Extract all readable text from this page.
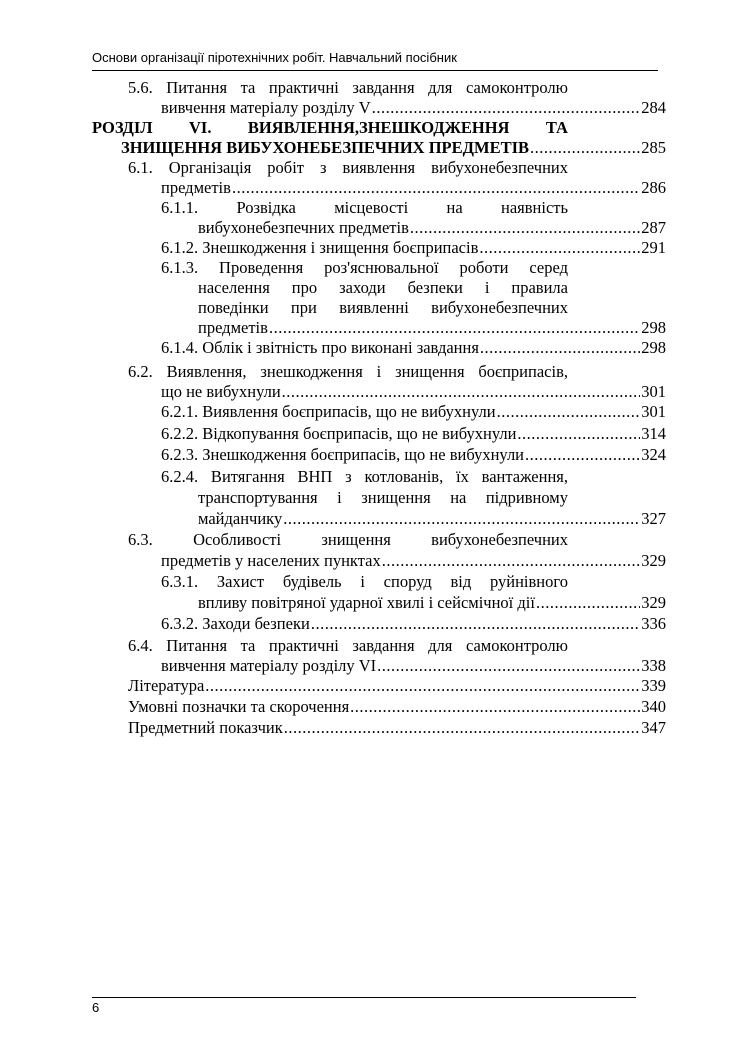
Основи організації піротехнічних робіт. Навчальний посібник
5.6. Питання та практичні завдання для самоконтролю
вивчення матеріалу розділу V .....	284
РОЗДІЛ VI. ВИЯВЛЕННЯ,ЗНЕШКОДЖЕННЯ ТА
ЗНИЩЕННЯ ВИБУХОНЕБЕЗПЕЧНИХ ПРЕДМЕТІВ .....	285
6.1. Організація робіт з виявлення вибухонебезпечних
предметів .....	286
6.1.1. Розвідка місцевості на наявність
вибухонебезпечних предметів .....	287
6.1.2. Знешкодження і знищення боєприпасів .....	291
6.1.3. Проведення роз'яснювальної роботи серед
населення про заходи безпеки і правила
поведінки при виявленні вибухонебезпечних
предметів .....	298
6.1.4. Облік і звітність про виконані завдання .....	298
6.2. Виявлення, знешкодження і знищення боєприпасів,
що не вибухнули .....	301
6.2.1. Виявлення боєприпасів, що не вибухнули .....	301
6.2.2. Відкопування боєприпасів, що не вибухнули .....	314
6.2.3. Знешкодження боєприпасів, що не вибухнули .....	324
6.2.4. Витягання ВНП з котлованів, їх вантаження,
транспортування і знищення на підривному
майданчику .....	327
6.3. Особливості знищення вибухонебезпечних
предметів у населених пунктах .....	329
6.3.1. Захист будівель і споруд від руйнівного
впливу повітряної ударної хвилі і сейсмічної дії .....	329
6.3.2. Заходи безпеки .....	336
6.4. Питання та практичні завдання для самоконтролю
вивчення матеріалу розділу VI .....	338
Література .....	339
Умовні позначки та скорочення .....	340
Предметний показчик .....	347
6
